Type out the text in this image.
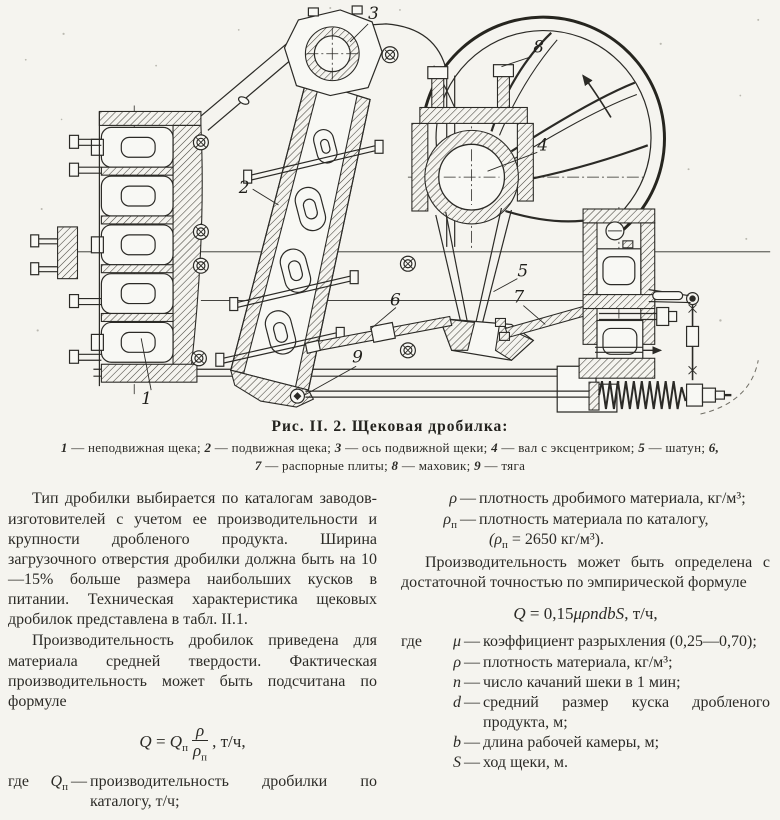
1
2
3
4
5
6	7
8
9
Рис. II. 2. Щековая дробилка:
1 — неподвижная щека; 2 — подвижная щека; 3 — ось подвижной щеки; 4 — вал с эксцентриком; 5 — шатун; 6, 7 — распорные плиты; 8 — маховик; 9 — тяга

Тип дробилки выбирается по каталогам заводов-изготовителей с учетом ее производительности и крупности дробленого продукта. Ширина загрузочного отверстия дробилки должна быть на 10—15% больше размера наибольших кусков в питании. Техническая характеристика щековых дробилок представлена в табл. II.1.

Производительность дробилок приведена для материала средней твердости. Фактическая производительность может быть подсчитана по формуле

$Q = Q_п \frac{\rho}{\rho_п}$ , т/ч,
где	$Q_п$ — производительность дробилки по каталогу, т/ч;
ρ — плотность дробимого материала, кг/м³;
$\rho_п$ — плотность материала по каталогу,
($\rho_п = 2650$ кг/м³).

Производительность может быть определена с достаточной точностью по эмпирической формуле

Q = 0,15μρndbS, т/ч,
где	μ — коэффициент разрыхления (0,25—0,70);
ρ — плотность материала, кг/м³;
n — число качаний шеки в 1 мин;
d — средний размер куска дробленого продукта, м;
b — длина рабочей камеры, м;
S — ход щеки, м.
